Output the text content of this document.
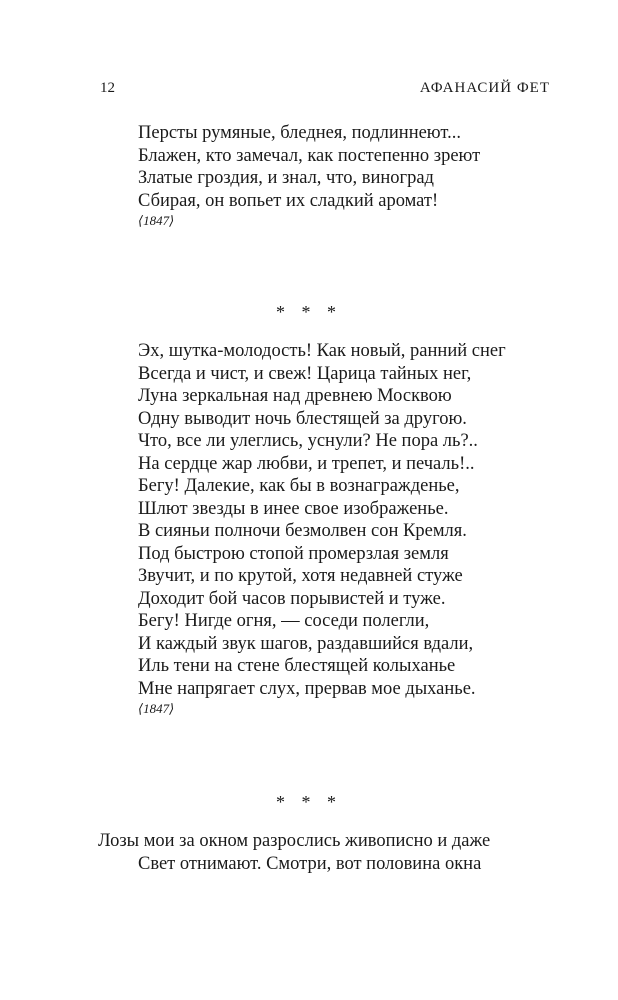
12	АФАНАСИЙ ФЕТ
Персты румяные, бледнея, подлиннеют...
Блажен, кто замечал, как постепенно зреют
Златые гроздия, и знал, что, виноград
Сбирая, он вопьет их сладкий аромат!
⟨1847⟩
* * *
Эх, шутка-молодость! Как новый, ранний снег
Всегда и чист, и свеж! Царица тайных нег,
Луна зеркальная над древнею Москвою
Одну выводит ночь блестящей за другою.
Что, все ли улеглись, уснули? Не пора ль?..
На сердце жар любви, и трепет, и печаль!..
Бегу! Далекие, как бы в вознагражденье,
Шлют звезды в инее свое изображенье.
В сияньи полночи безмолвен сон Кремля.
Под быстрою стопой промерзлая земля
Звучит, и по крутой, хотя недавней стуже
Доходит бой часов порывистей и туже.
Бегу! Нигде огня, — соседи полегли,
И каждый звук шагов, раздавшийся вдали,
Иль тени на стене блестящей колыханье
Мне напрягает слух, прервав мое дыханье.
⟨1847⟩
* * *
Лозы мои за окном разрослись живописно и даже
Свет отнимают. Смотри, вот половина окна
